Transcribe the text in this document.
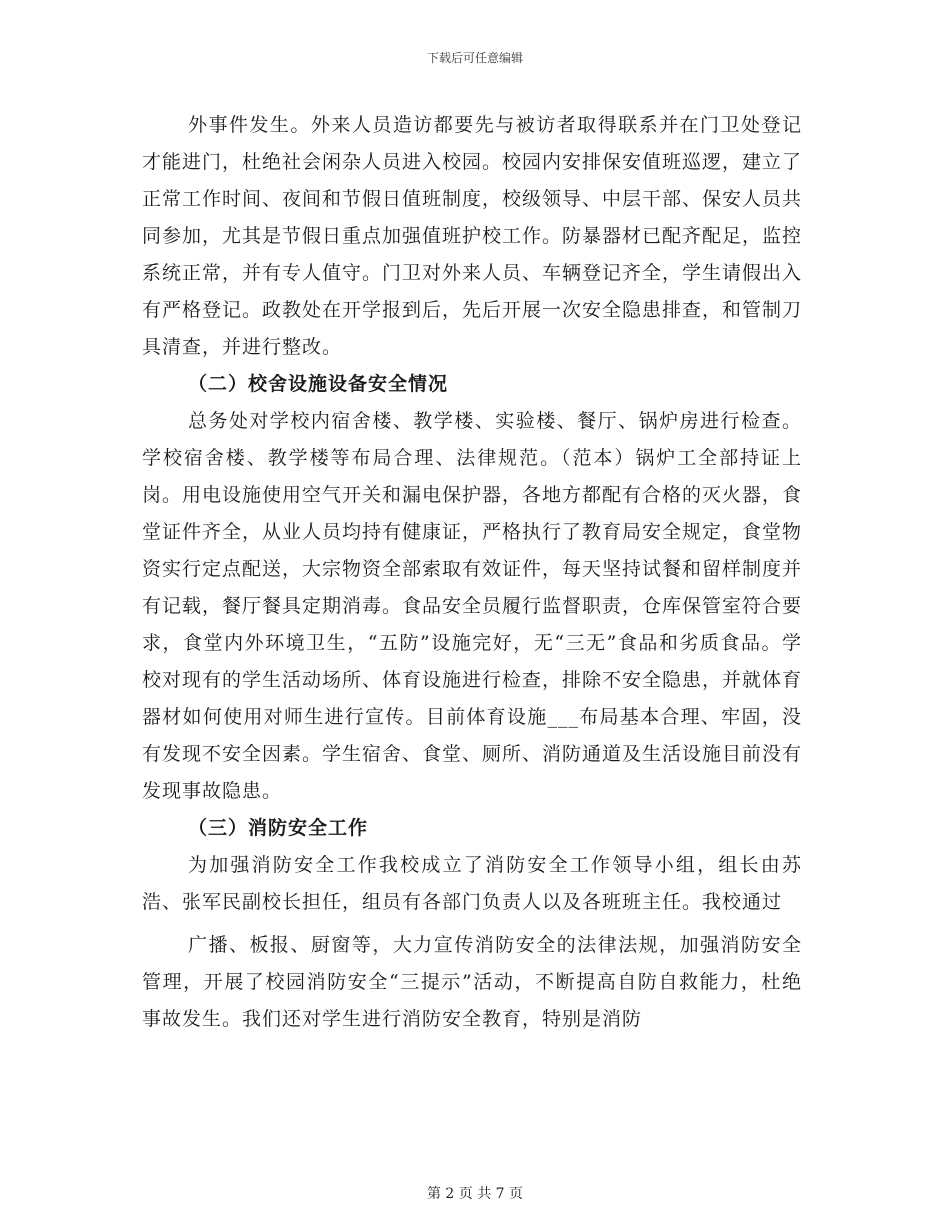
下载后可任意编辑

外事件发生。外来人员造访都要先与被访者取得联系并在门卫处登记才能进门，杜绝社会闲杂人员进入校园。校园内安排保安值班巡逻，建立了正常工作时间、夜间和节假日值班制度，校级领导、中层干部、保安人员共同参加，尤其是节假日重点加强值班护校工作。防暴器材已配齐配足，监控系统正常，并有专人值守。门卫对外来人员、车辆登记齐全，学生请假出入有严格登记。政教处在开学报到后，先后开展一次安全隐患排查，和管制刀具清查，并进行整改。

（二）校舍设施设备安全情况

总务处对学校内宿舍楼、教学楼、实验楼、餐厅、锅炉房进行检查。学校宿舍楼、教学楼等布局合理、法律规范。（范本）锅炉工全部持证上岗。用电设施使用空气开关和漏电保护器，各地方都配有合格的灭火器，食堂证件齐全，从业人员均持有健康证，严格执行了教育局安全规定，食堂物资实行定点配送，大宗物资全部索取有效证件，每天坚持试餐和留样制度并有记载，餐厅餐具定期消毒。食品安全员履行监督职责，仓库保管室符合要求，食堂内外环境卫生，“五防”设施完好，无“三无”食品和劣质食品。学校对现有的学生活动场所、体育设施进行检查，排除不安全隐患，并就体育器材如何使用对师生进行宣传。目前体育设施___布局基本合理、牢固，没有发现不安全因素。学生宿舍、食堂、厕所、消防通道及生活设施目前没有发现事故隐患。

（三）消防安全工作

为加强消防安全工作我校成立了消防安全工作领导小组，组长由苏浩、张军民副校长担任，组员有各部门负责人以及各班班主任。我校通过

广播、板报、厨窗等，大力宣传消防安全的法律法规，加强消防安全管理，开展了校园消防安全“三提示”活动，不断提高自防自救能力，杜绝事故发生。我们还对学生进行消防安全教育，特别是消防

第 2 页 共 7 页
